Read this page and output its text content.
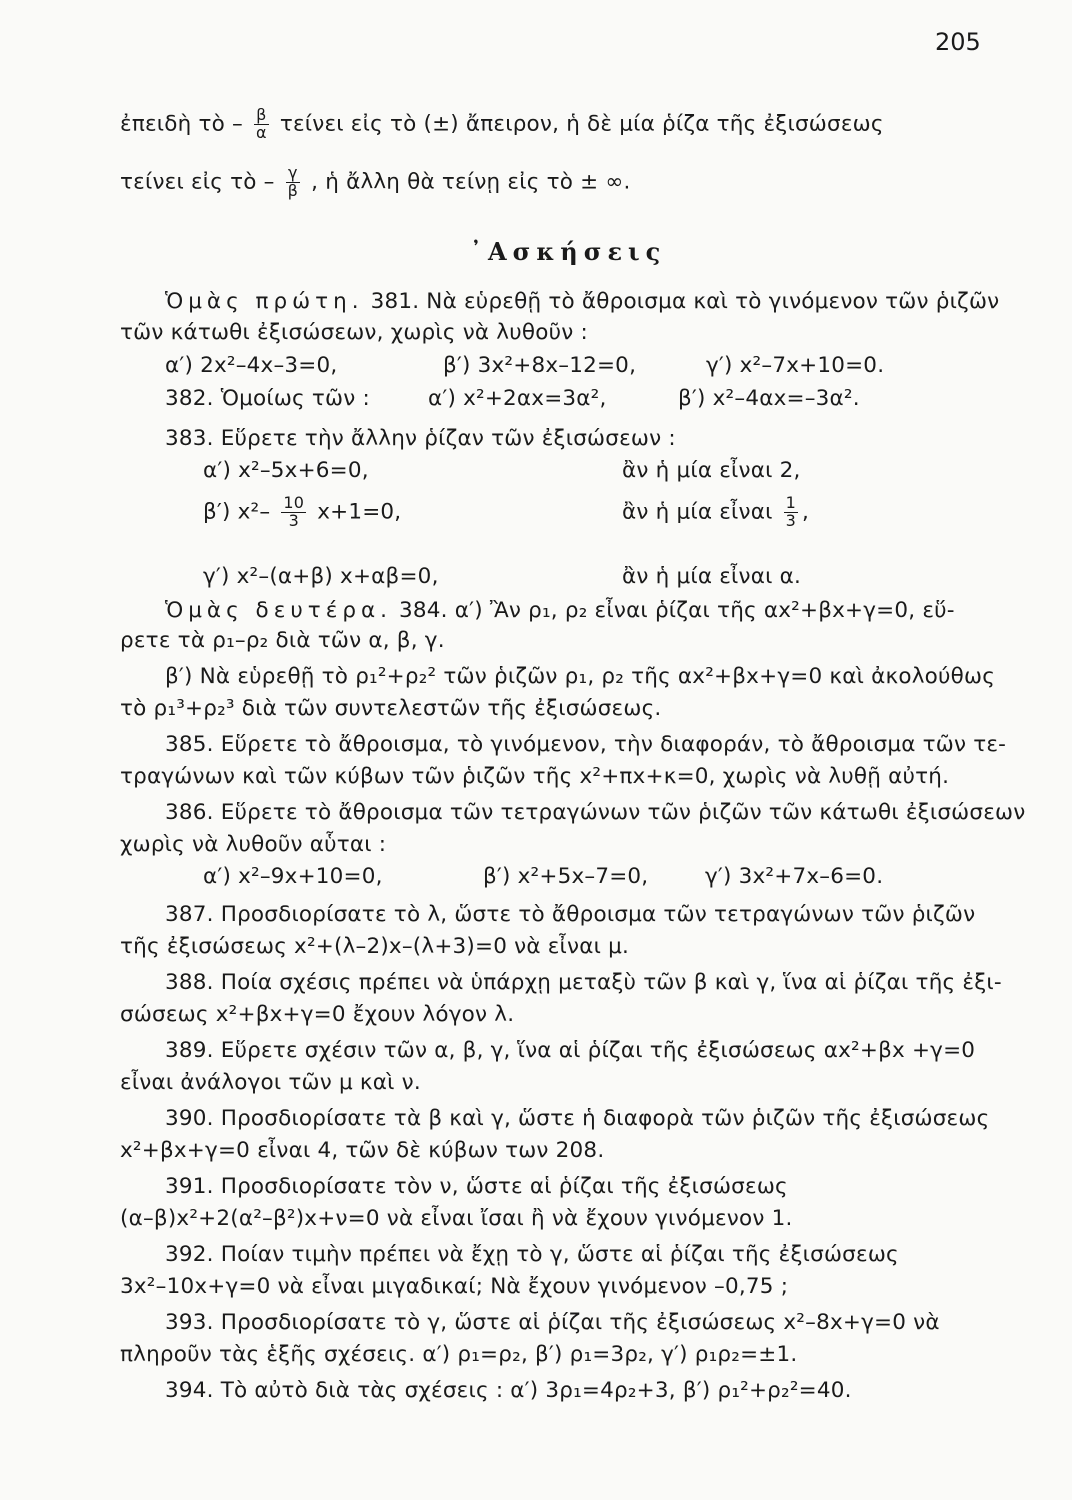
205
ἐπειδὴ τὸ – $\frac{\beta}{\alpha}$ τείνει εἰς τὸ (±) ἄπειρον, ἡ δὲ μία ῥίζα τῆς ἐξισώσεως
τείνει εἰς τὸ – $\frac{\gamma}{\beta}$ , ἡ ἄλλη θὰ τείνῃ εἰς τὸ ± ∞.
᾿Ασκήσεις
Ὁμὰς πρώτη. 381. Νὰ εὑρεθῇ τὸ ἄθροισμα καὶ τὸ γινόμενον τῶν ῥιζῶν
τῶν κάτωθι ἐξισώσεων, χωρὶς νὰ λυθοῦν :
α′) 2x²–4x–3=0,	β′) 3x²+8x–12=0,	γ′) x²–7x+10=0.
382. Ὁμοίως τῶν :	α′) x²+2αx=3α²,	β′) x²–4αx=–3α².
383. Εὕρετε τὴν ἄλλην ῥίζαν τῶν ἐξισώσεων :
α′) x²–5x+6=0,	ἂν ἡ μία εἶναι 2,
β′) $x^2- \frac{10}{3} x+1=0$,	ἂν ἡ μία εἶναι $\frac{1}{3}$ ,
γ′) x²–(α+β) x+αβ=0,	ἂν ἡ μία εἶναι α.
Ὁμὰς δευτέρα. 384. α′) Ἂν ρ₁, ρ₂ εἶναι ῥίζαι τῆς αx²+βx+γ=0, εὕ-
ρετε τὰ ρ₁–ρ₂ διὰ τῶν α, β, γ.
β′) Νὰ εὑρεθῇ τὸ ρ₁²+ρ₂² τῶν ῥιζῶν ρ₁, ρ₂ τῆς αx²+βx+γ=0 καὶ ἀκολούθως
τὸ ρ₁³+ρ₂³ διὰ τῶν συντελεστῶν τῆς ἐξισώσεως.
385. Εὕρετε τὸ ἄθροισμα, τὸ γινόμενον, τὴν διαφοράν, τὸ ἄθροισμα τῶν τε-
τραγώνων καὶ τῶν κύβων τῶν ῥιζῶν τῆς x²+πx+κ=0, χωρὶς νὰ λυθῇ αὐτή.
386. Εὕρετε τὸ ἄθροισμα τῶν τετραγώνων τῶν ῥιζῶν τῶν κάτωθι ἐξισώσεων
χωρὶς νὰ λυθοῦν αὗται :
α′) x²–9x+10=0,	β′) x²+5x–7=0,	γ′) 3x²+7x–6=0.
387. Προσδιορίσατε τὸ λ, ὥστε τὸ ἄθροισμα τῶν τετραγώνων τῶν ῥιζῶν
τῆς ἐξισώσεως x²+(λ–2)x–(λ+3)=0 νὰ εἶναι μ.
388. Ποία σχέσις πρέπει νὰ ὑπάρχῃ μεταξὺ τῶν β καὶ γ, ἵνα αἱ ῥίζαι τῆς ἐξι-
σώσεως x²+βx+γ=0 ἔχουν λόγον λ.
389. Εὕρετε σχέσιν τῶν α, β, γ, ἵνα αἱ ῥίζαι τῆς ἐξισώσεως αx²+βx +γ=0
εἶναι ἀνάλογοι τῶν μ καὶ ν.
390. Προσδιορίσατε τὰ β καὶ γ, ὥστε ἡ διαφορὰ τῶν ῥιζῶν τῆς ἐξισώσεως
x²+βx+γ=0 εἶναι 4, τῶν δὲ κύβων των 208.
391. Προσδιορίσατε τὸν ν, ὥστε αἱ ῥίζαι τῆς ἐξισώσεως
(α–β)x²+2(α²–β²)x+ν=0 νὰ εἶναι ἴσαι ἢ νὰ ἔχουν γινόμενον 1.
392. Ποίαν τιμὴν πρέπει νὰ ἔχῃ τὸ γ, ὥστε αἱ ῥίζαι τῆς ἐξισώσεως
3x²–10x+γ=0 νὰ εἶναι μιγαδικαί; Νὰ ἔχουν γινόμενον –0,75 ;
393. Προσδιορίσατε τὸ γ, ὥστε αἱ ῥίζαι τῆς ἐξισώσεως x²–8x+γ=0 νὰ
πληροῦν τὰς ἑξῆς σχέσεις. α′) ρ₁=ρ₂, β′) ρ₁=3ρ₂, γ′) ρ₁ρ₂=±1.
394. Τὸ αὐτὸ διὰ τὰς σχέσεις : α′) 3ρ₁=4ρ₂+3, β′) ρ₁²+ρ₂²=40.
